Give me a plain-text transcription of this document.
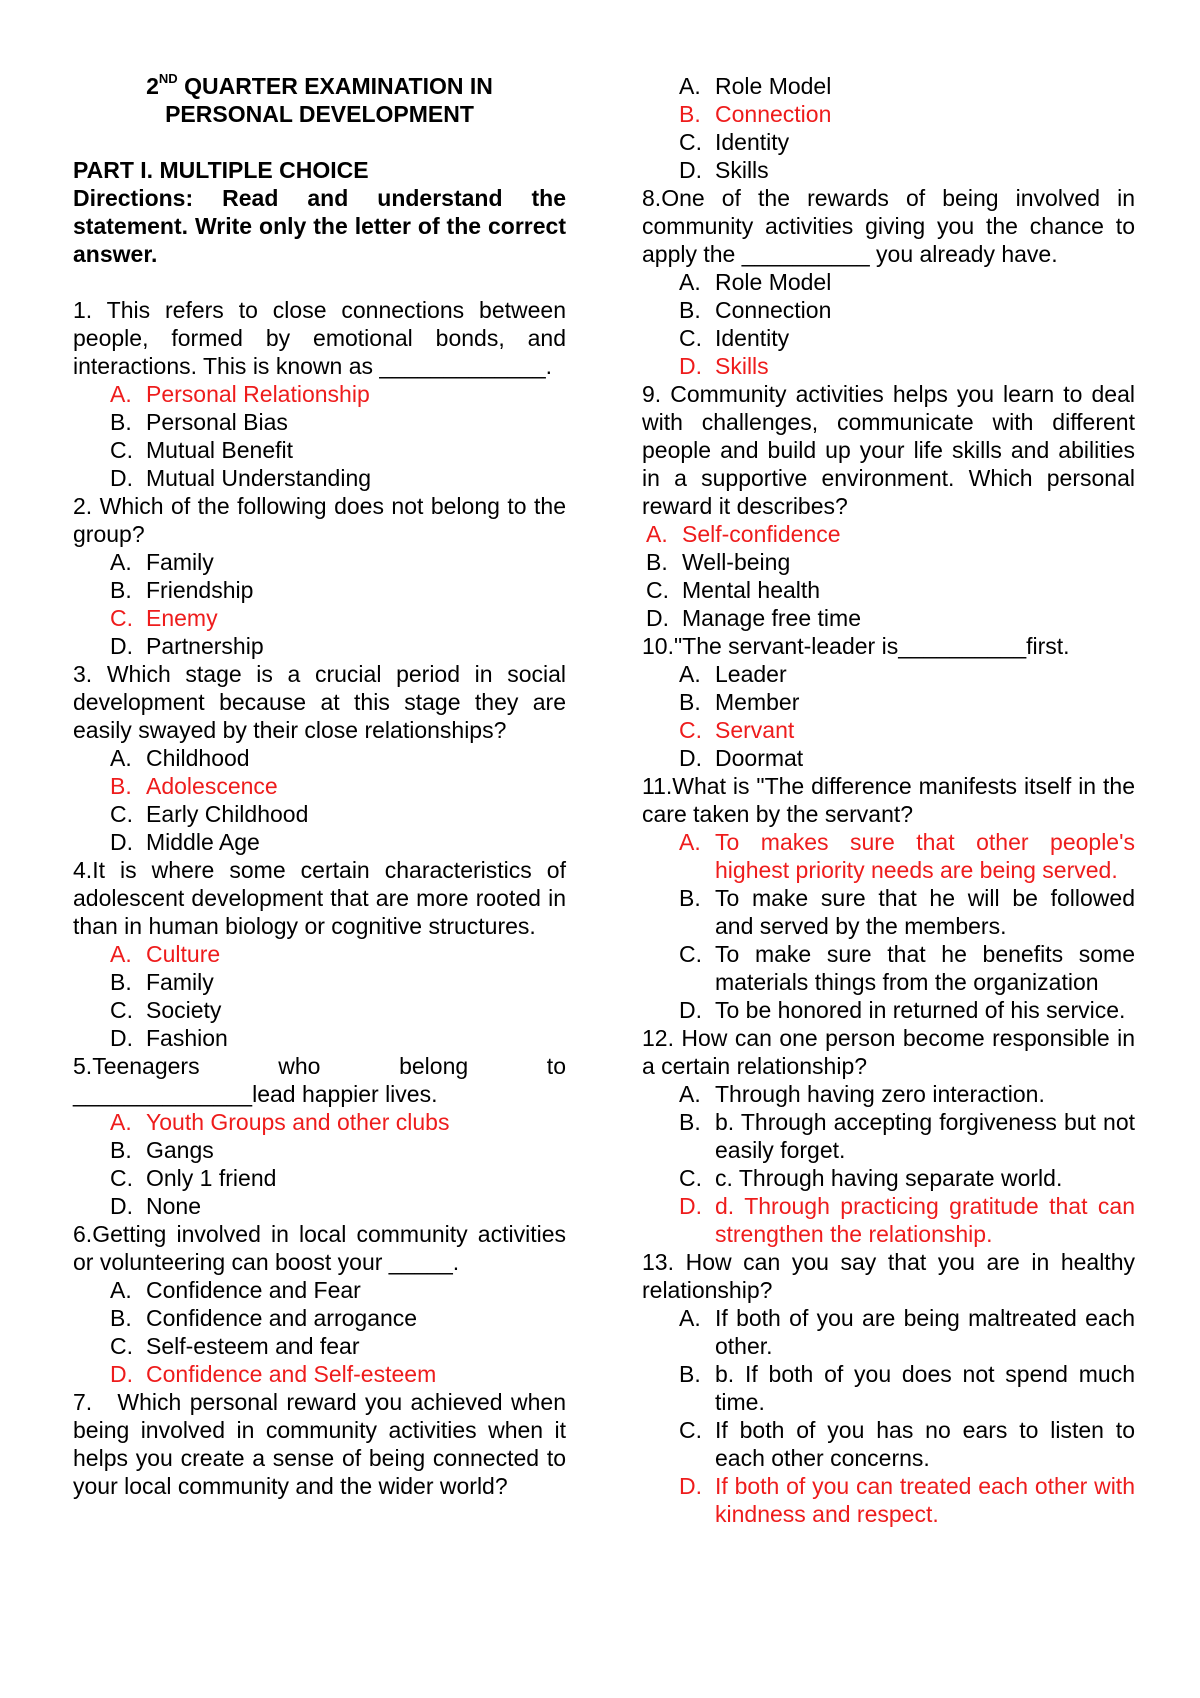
2ND QUARTER EXAMINATION IN
PERSONAL DEVELOPMENT

PART I. MULTIPLE CHOICE

Directions: Read and understand the statement. Write only the letter of the correct answer.

1. This refers to close connections between people, formed by emotional bonds, and interactions. This is known as _____________.

A. Personal Relationship
B. Personal Bias
C. Mutual Benefit
D. Mutual Understanding

2. Which of the following does not belong to the group?

A. Family
B. Friendship
C. Enemy
D. Partnership

3. Which stage is a crucial period in social development because at this stage they are easily swayed by their close relationships?

A. Childhood
B. Adolescence
C. Early Childhood
D. Middle Age

4.It is where some certain characteristics of adolescent development that are more rooted in than in human biology or cognitive structures.

A. Culture
B. Family
C. Society
D. Fashion

5.Teenagers who belong to

______________lead happier lives.

A. Youth Groups and other clubs
B. Gangs
C. Only 1 friend
D. None

6.Getting involved in local community activities or volunteering can boost your _____.

A. Confidence and Fear
B. Confidence and arrogance
C. Self-esteem and fear
D. Confidence and Self-esteem

7. Which personal reward you achieved when being involved in community activities when it helps you create a sense of being connected to your local community and the wider world?

A. Role Model
B. Connection
C. Identity
D. Skills

8.One of the rewards of being involved in community activities giving you the chance to apply the __________ you already have.

A. Role Model
B. Connection
C. Identity
D. Skills

9. Community activities helps you learn to deal with challenges, communicate with different people and build up your life skills and abilities in a supportive environment. Which personal reward it describes?

A. Self-confidence
B. Well-being
C. Mental health
D. Manage free time

10."The servant-leader is__________first.

A. Leader
B. Member
C. Servant
D. Doormat

11.What is "The difference manifests itself in the care taken by the servant?

A. To makes sure that other people's highest priority needs are being served.
B. To make sure that he will be followed and served by the members.
C. To make sure that he benefits some materials things from the organization
D. To be honored in returned of his service.

12. How can one person become responsible in a certain relationship?

A. Through having zero interaction.
B. b. Through accepting forgiveness but not easily forget.
C. c. Through having separate world.
D. d. Through practicing gratitude that can strengthen the relationship.

13. How can you say that you are in healthy relationship?

A. If both of you are being maltreated each other.
B. b. If both of you does not spend much time.
C. If both of you has no ears to listen to each other concerns.
D. If both of you can treated each other with kindness and respect.
